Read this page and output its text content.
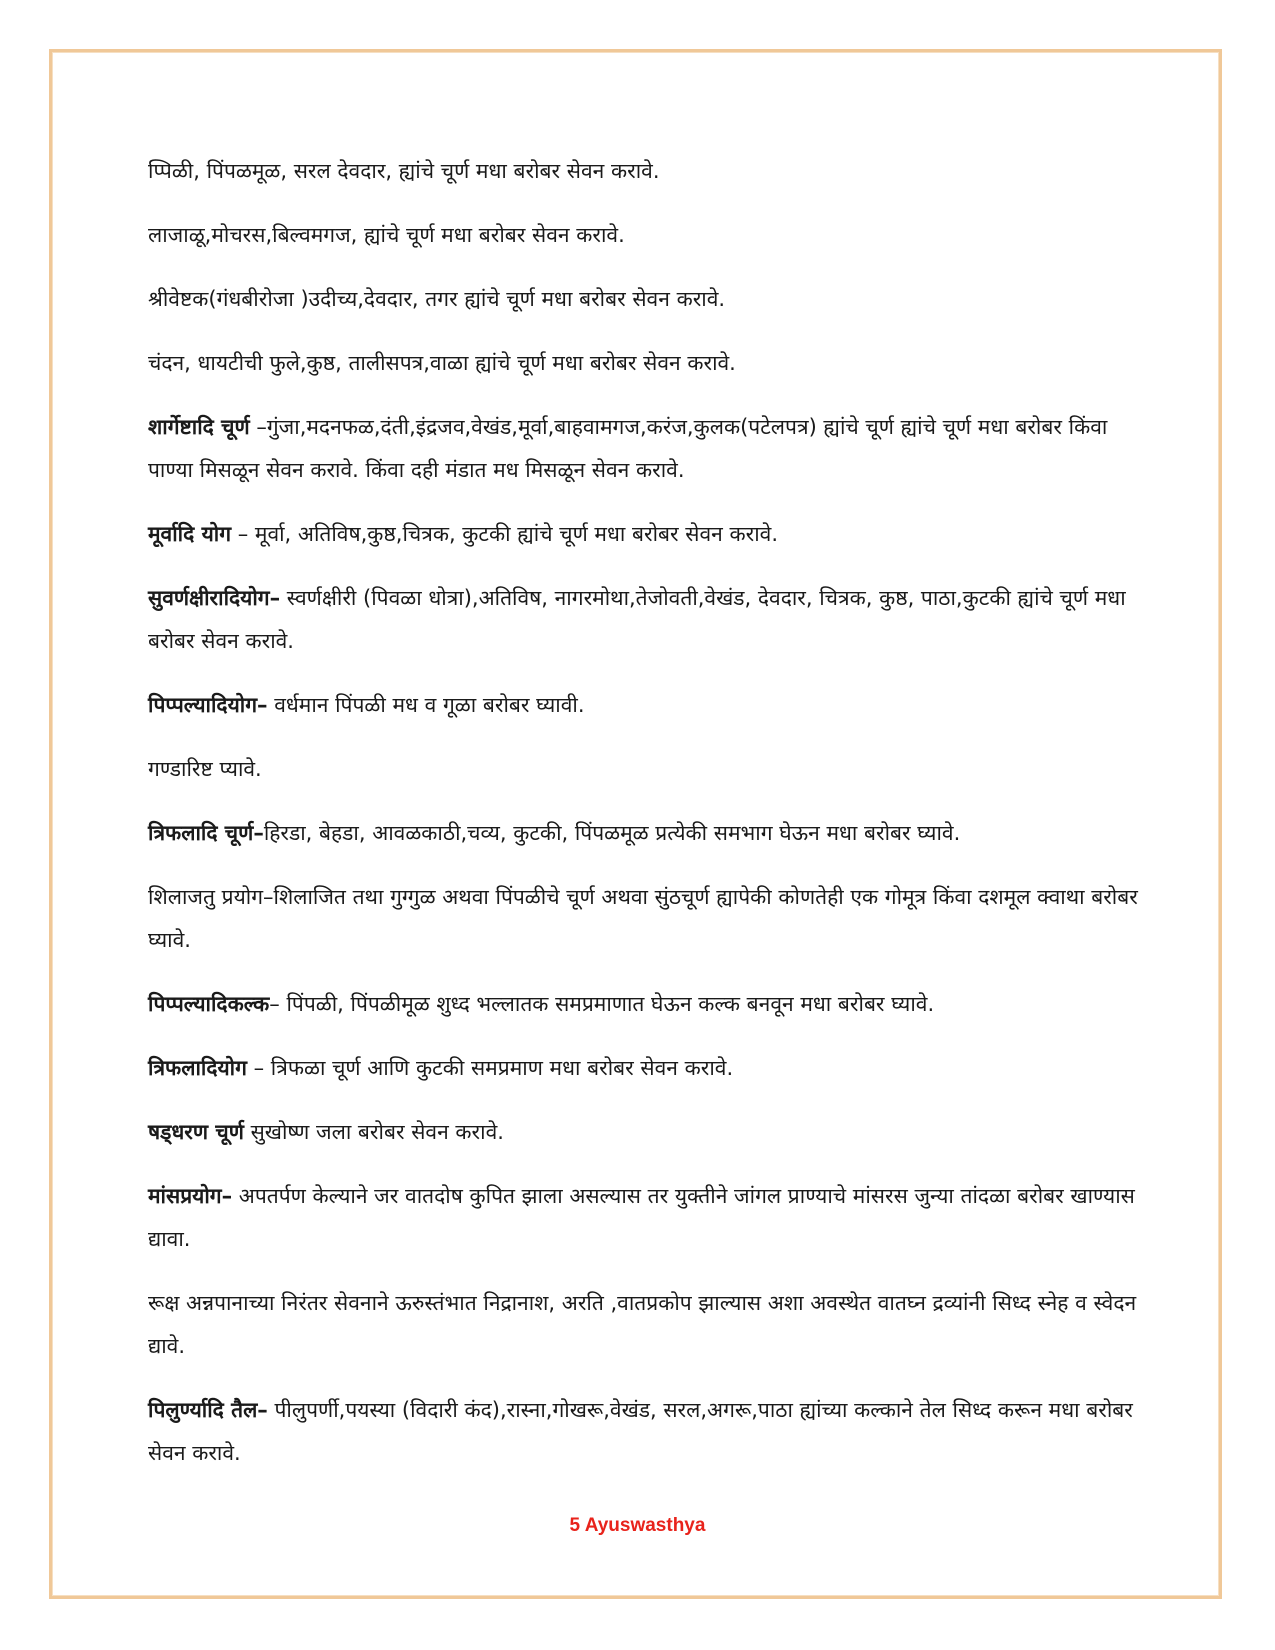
प्पिळी, पिंपळमूळ, सरल देवदार, ह्यांचे चूर्ण मधा बरोबर सेवन करावे.

लाजाळू,मोचरस,बिल्वमगज, ह्यांचे चूर्ण मधा बरोबर सेवन करावे.

श्रीवेष्टक(गंधबीरोजा )उदीच्य,देवदार, तगर ह्यांचे चूर्ण मधा बरोबर सेवन करावे.

चंदन, धायटीची फुले,कुष्ठ, तालीसपत्र,वाळा ह्यांचे चूर्ण मधा बरोबर सेवन करावे.

शार्गेष्टादि चूर्ण –गुंजा,मदनफळ,दंती,इंद्रजव,वेखंड,मूर्वा,बाहवामगज,करंज,कुलक(पटेलपत्र) ह्यांचे चूर्ण ह्यांचे चूर्ण मधा बरोबर किंवा पाण्या मिसळून सेवन करावे. किंवा दही मंडात मध मिसळून सेवन करावे.

मूर्वादि योग – मूर्वा, अतिविष,कुष्ठ,चित्रक, कुटकी ह्यांचे चूर्ण मधा बरोबर सेवन करावे.

सुवर्णक्षीरादियोग– स्वर्णक्षीरी (पिवळा धोत्रा),अतिविष, नागरमोथा,तेजोवती,वेखंड, देवदार, चित्रक, कुष्ठ, पाठा,कुटकी ह्यांचे चूर्ण मधा बरोबर सेवन करावे.

पिप्पल्यादियोग– वर्धमान पिंपळी मध व गूळा बरोबर घ्यावी.

गण्डारिष्ट प्यावे.

त्रिफलादि चूर्ण–हिरडा, बेहडा, आवळकाठी,चव्य, कुटकी, पिंपळमूळ प्रत्येकी समभाग घेऊन मधा बरोबर घ्यावे.

शिलाजतु प्रयोग–शिलाजित तथा गुग्गुळ अथवा पिंपळीचे चूर्ण अथवा सुंठचूर्ण ह्यापेकी कोणतेही एक गोमूत्र किंवा दशमूल क्वाथा बरोबर घ्यावे.

पिप्पल्यादिकल्क– पिंपळी, पिंपळीमूळ शुध्द भल्लातक समप्रमाणात घेऊन कल्क बनवून मधा बरोबर घ्यावे.

त्रिफलादियोग – त्रिफळा चूर्ण आणि कुटकी समप्रमाण मधा बरोबर सेवन करावे.

षड्धरण चूर्ण सुखोष्ण जला बरोबर सेवन करावे.

मांसप्रयोग– अपतर्पण केल्याने जर वातदोष कुपित झाला असल्यास तर युक्तीने जांगल प्राण्याचे मांसरस जुन्या तांदळा बरोबर खाण्यास द्यावा.

रूक्ष अन्नपानाच्या निरंतर सेवनाने ऊरुस्तंभात निद्रानाश, अरति ,वातप्रकोप झाल्यास अशा अवस्थेत वातघ्न द्रव्यांनी सिध्द स्नेह व स्वेदन द्यावे.

पिलुर्ण्यादि तैल– पीलुपर्णी,पयस्या (विदारी कंद),रास्ना,गोखरू,वेखंड, सरल,अगरू,पाठा ह्यांच्या कल्काने तेल सिध्द करून मधा बरोबर सेवन करावे.

5 Ayuswasthya
